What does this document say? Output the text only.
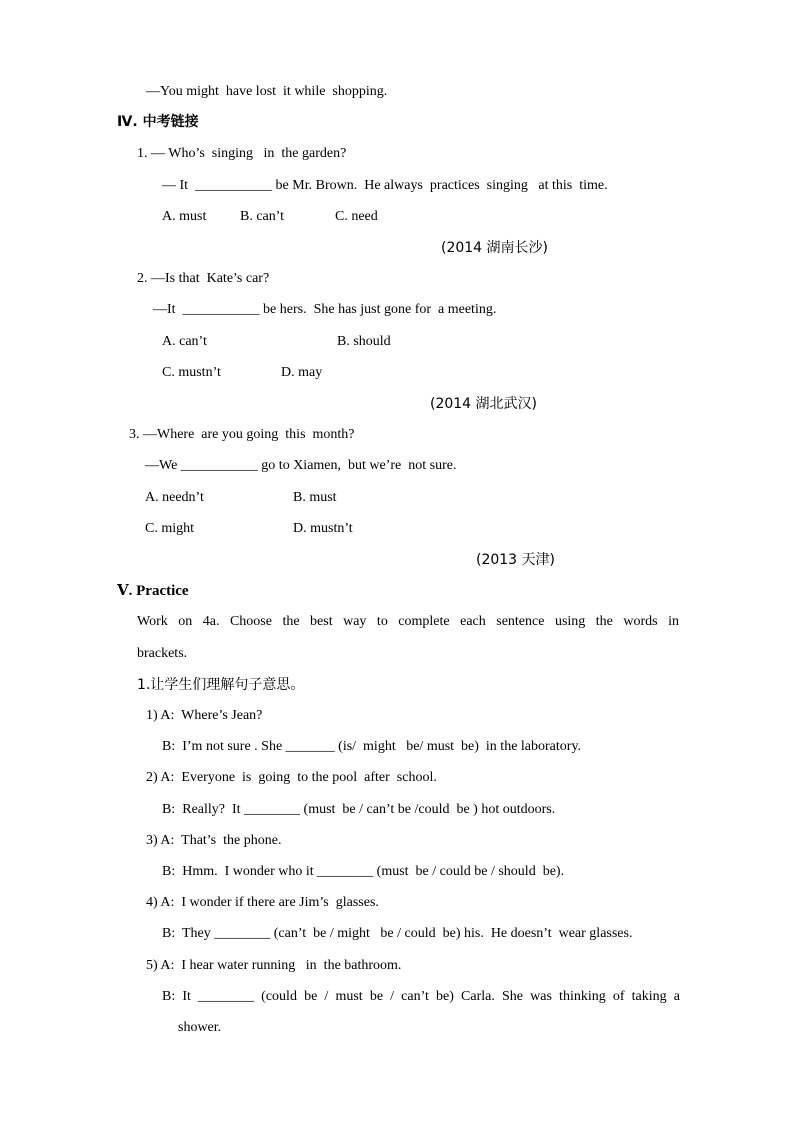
—You might  have lost  it while  shopping.
Ⅳ. 中考链接
1. — Who’s  singing   in  the garden?
— It  ___________ be Mr. Brown.  He always  practices  singing   at this  time.
A. must B. can’t	C. need
(2014 湖南长沙)
2. —Is that  Kate’s car?
—It  ___________ be hers.  She has just gone for  a meeting.
A. can’t	B. should
C. mustn’t	D. may
(2014 湖北武汉)
3. —Where  are you going  this  month?
—We ___________ go to Xiamen,  but we’re  not sure.
A. needn’t	B. must
C. might	D. mustn’t
(2013 天津)
Ⅴ. Practice
Work on 4a. Choose the best way to complete each sentence using the words in
brackets.
1.让学生们理解句子意思。
1) A:  Where’s Jean?
B:  I’m not sure . She _______ (is/  might   be/ must  be)  in the laboratory.
2) A:  Everyone  is  going  to the pool  after  school.
B:  Really?  It ________ (must  be / can’t be /could  be ) hot outdoors.
3) A:  That’s  the phone.
B:  Hmm.  I wonder who it ________ (must  be / could be / should  be).
4) A:  I wonder if there are Jim’s  glasses.
B:  They ________ (can’t  be / might   be / could  be) his.  He doesn’t  wear glasses.
5) A:  I hear water running   in  the bathroom.
B: It ________ (could be / must be / can’t be) Carla. She was thinking of taking a
shower.
